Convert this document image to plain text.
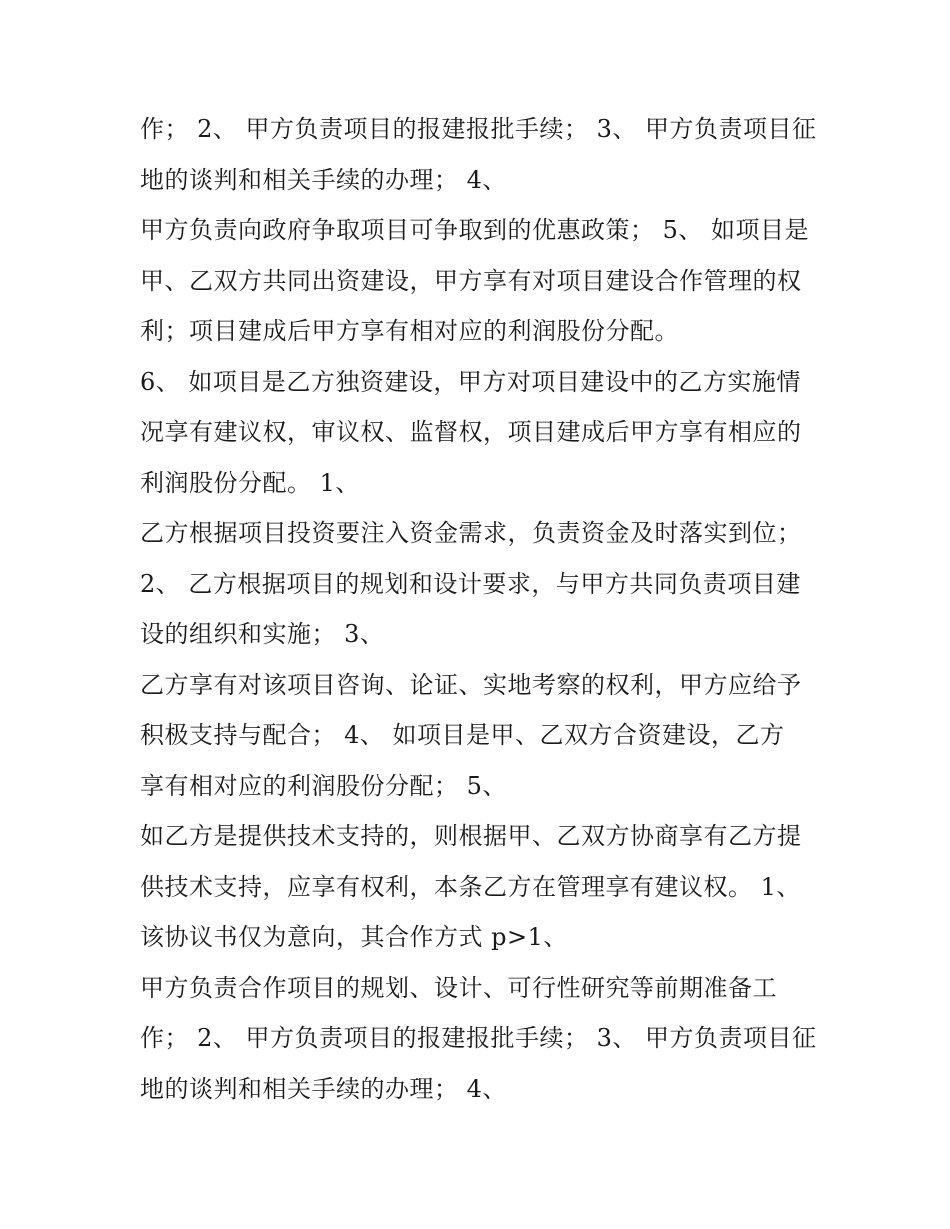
作； 2、 甲方负责项目的报建报批手续； 3、 甲方负责项目征
地的谈判和相关手续的办理； 4、
甲方负责向政府争取项目可争取到的优惠政策； 5、 如项目是
甲、乙双方共同出资建设，甲方享有对项目建设合作管理的权
利；项目建成后甲方享有相对应的利润股份分配。
6、 如项目是乙方独资建设，甲方对项目建设中的乙方实施情
况享有建议权，审议权、监督权，项目建成后甲方享有相应的
利润股份分配。 1、
乙方根据项目投资要注入资金需求，负责资金及时落实到位；
2、 乙方根据项目的规划和设计要求，与甲方共同负责项目建
设的组织和实施； 3、
乙方享有对该项目咨询、论证、实地考察的权利，甲方应给予
积极支持与配合； 4、 如项目是甲、乙双方合资建设，乙方
享有相对应的利润股份分配； 5、
如乙方是提供技术支持的，则根据甲、乙双方协商享有乙方提
供技术支持，应享有权利，本条乙方在管理享有建议权。 1、
该协议书仅为意向，其合作方式 p>1、
甲方负责合作项目的规划、设计、可行性研究等前期准备工
作； 2、 甲方负责项目的报建报批手续； 3、 甲方负责项目征
地的谈判和相关手续的办理； 4、
